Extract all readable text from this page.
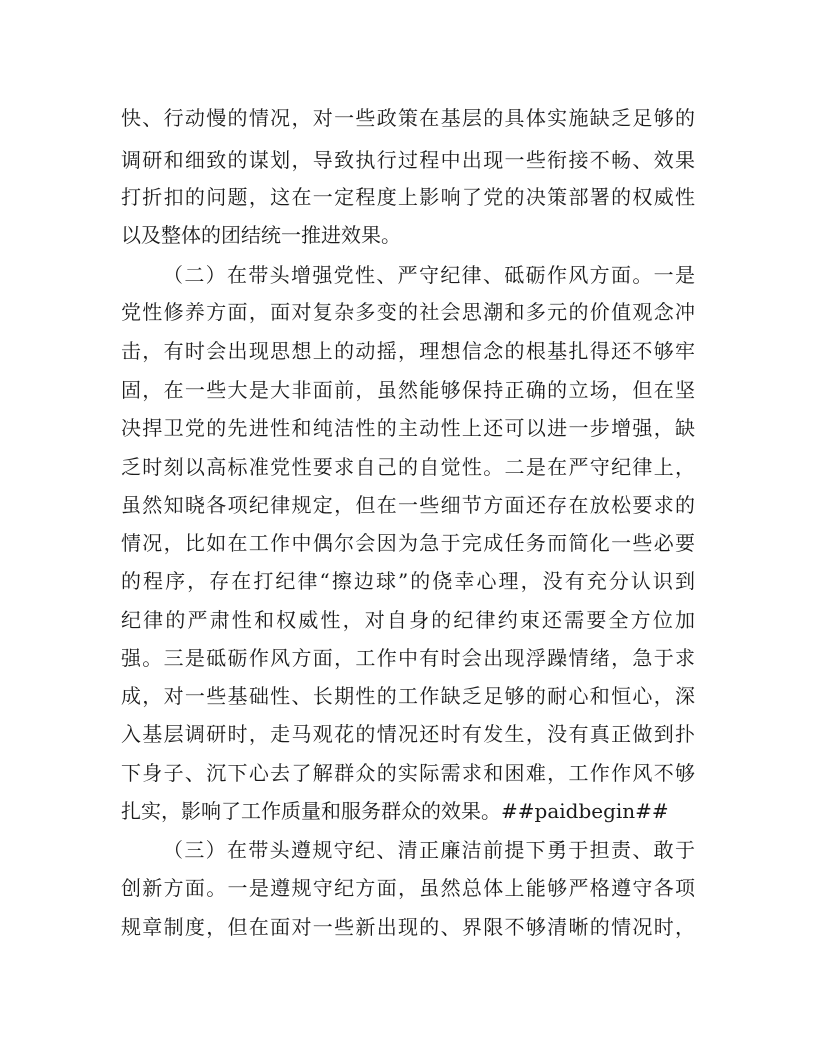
快、行动慢的情况，对一些政策在基层的具体实施缺乏足够的
调研和细致的谋划，导致执行过程中出现一些衔接不畅、效果
打折扣的问题，这在一定程度上影响了党的决策部署的权威性
以及整体的团结统一推进效果。
（二）在带头增强党性、严守纪律、砥砺作风方面。一是
党性修养方面，面对复杂多变的社会思潮和多元的价值观念冲
击，有时会出现思想上的动摇，理想信念的根基扎得还不够牢
固，在一些大是大非面前，虽然能够保持正确的立场，但在坚
决捍卫党的先进性和纯洁性的主动性上还可以进一步增强，缺
乏时刻以高标准党性要求自己的自觉性。二是在严守纪律上，
虽然知晓各项纪律规定，但在一些细节方面还存在放松要求的
情况，比如在工作中偶尔会因为急于完成任务而简化一些必要
的程序，存在打纪律“擦边球”的侥幸心理，没有充分认识到
纪律的严肃性和权威性，对自身的纪律约束还需要全方位加
强。三是砥砺作风方面，工作中有时会出现浮躁情绪，急于求
成，对一些基础性、长期性的工作缺乏足够的耐心和恒心，深
入基层调研时，走马观花的情况还时有发生，没有真正做到扑
下身子、沉下心去了解群众的实际需求和困难，工作作风不够
扎实，影响了工作质量和服务群众的效果。##paidbegin##
（三）在带头遵规守纪、清正廉洁前提下勇于担责、敢于
创新方面。一是遵规守纪方面，虽然总体上能够严格遵守各项
规章制度，但在面对一些新出现的、界限不够清晰的情况时，
